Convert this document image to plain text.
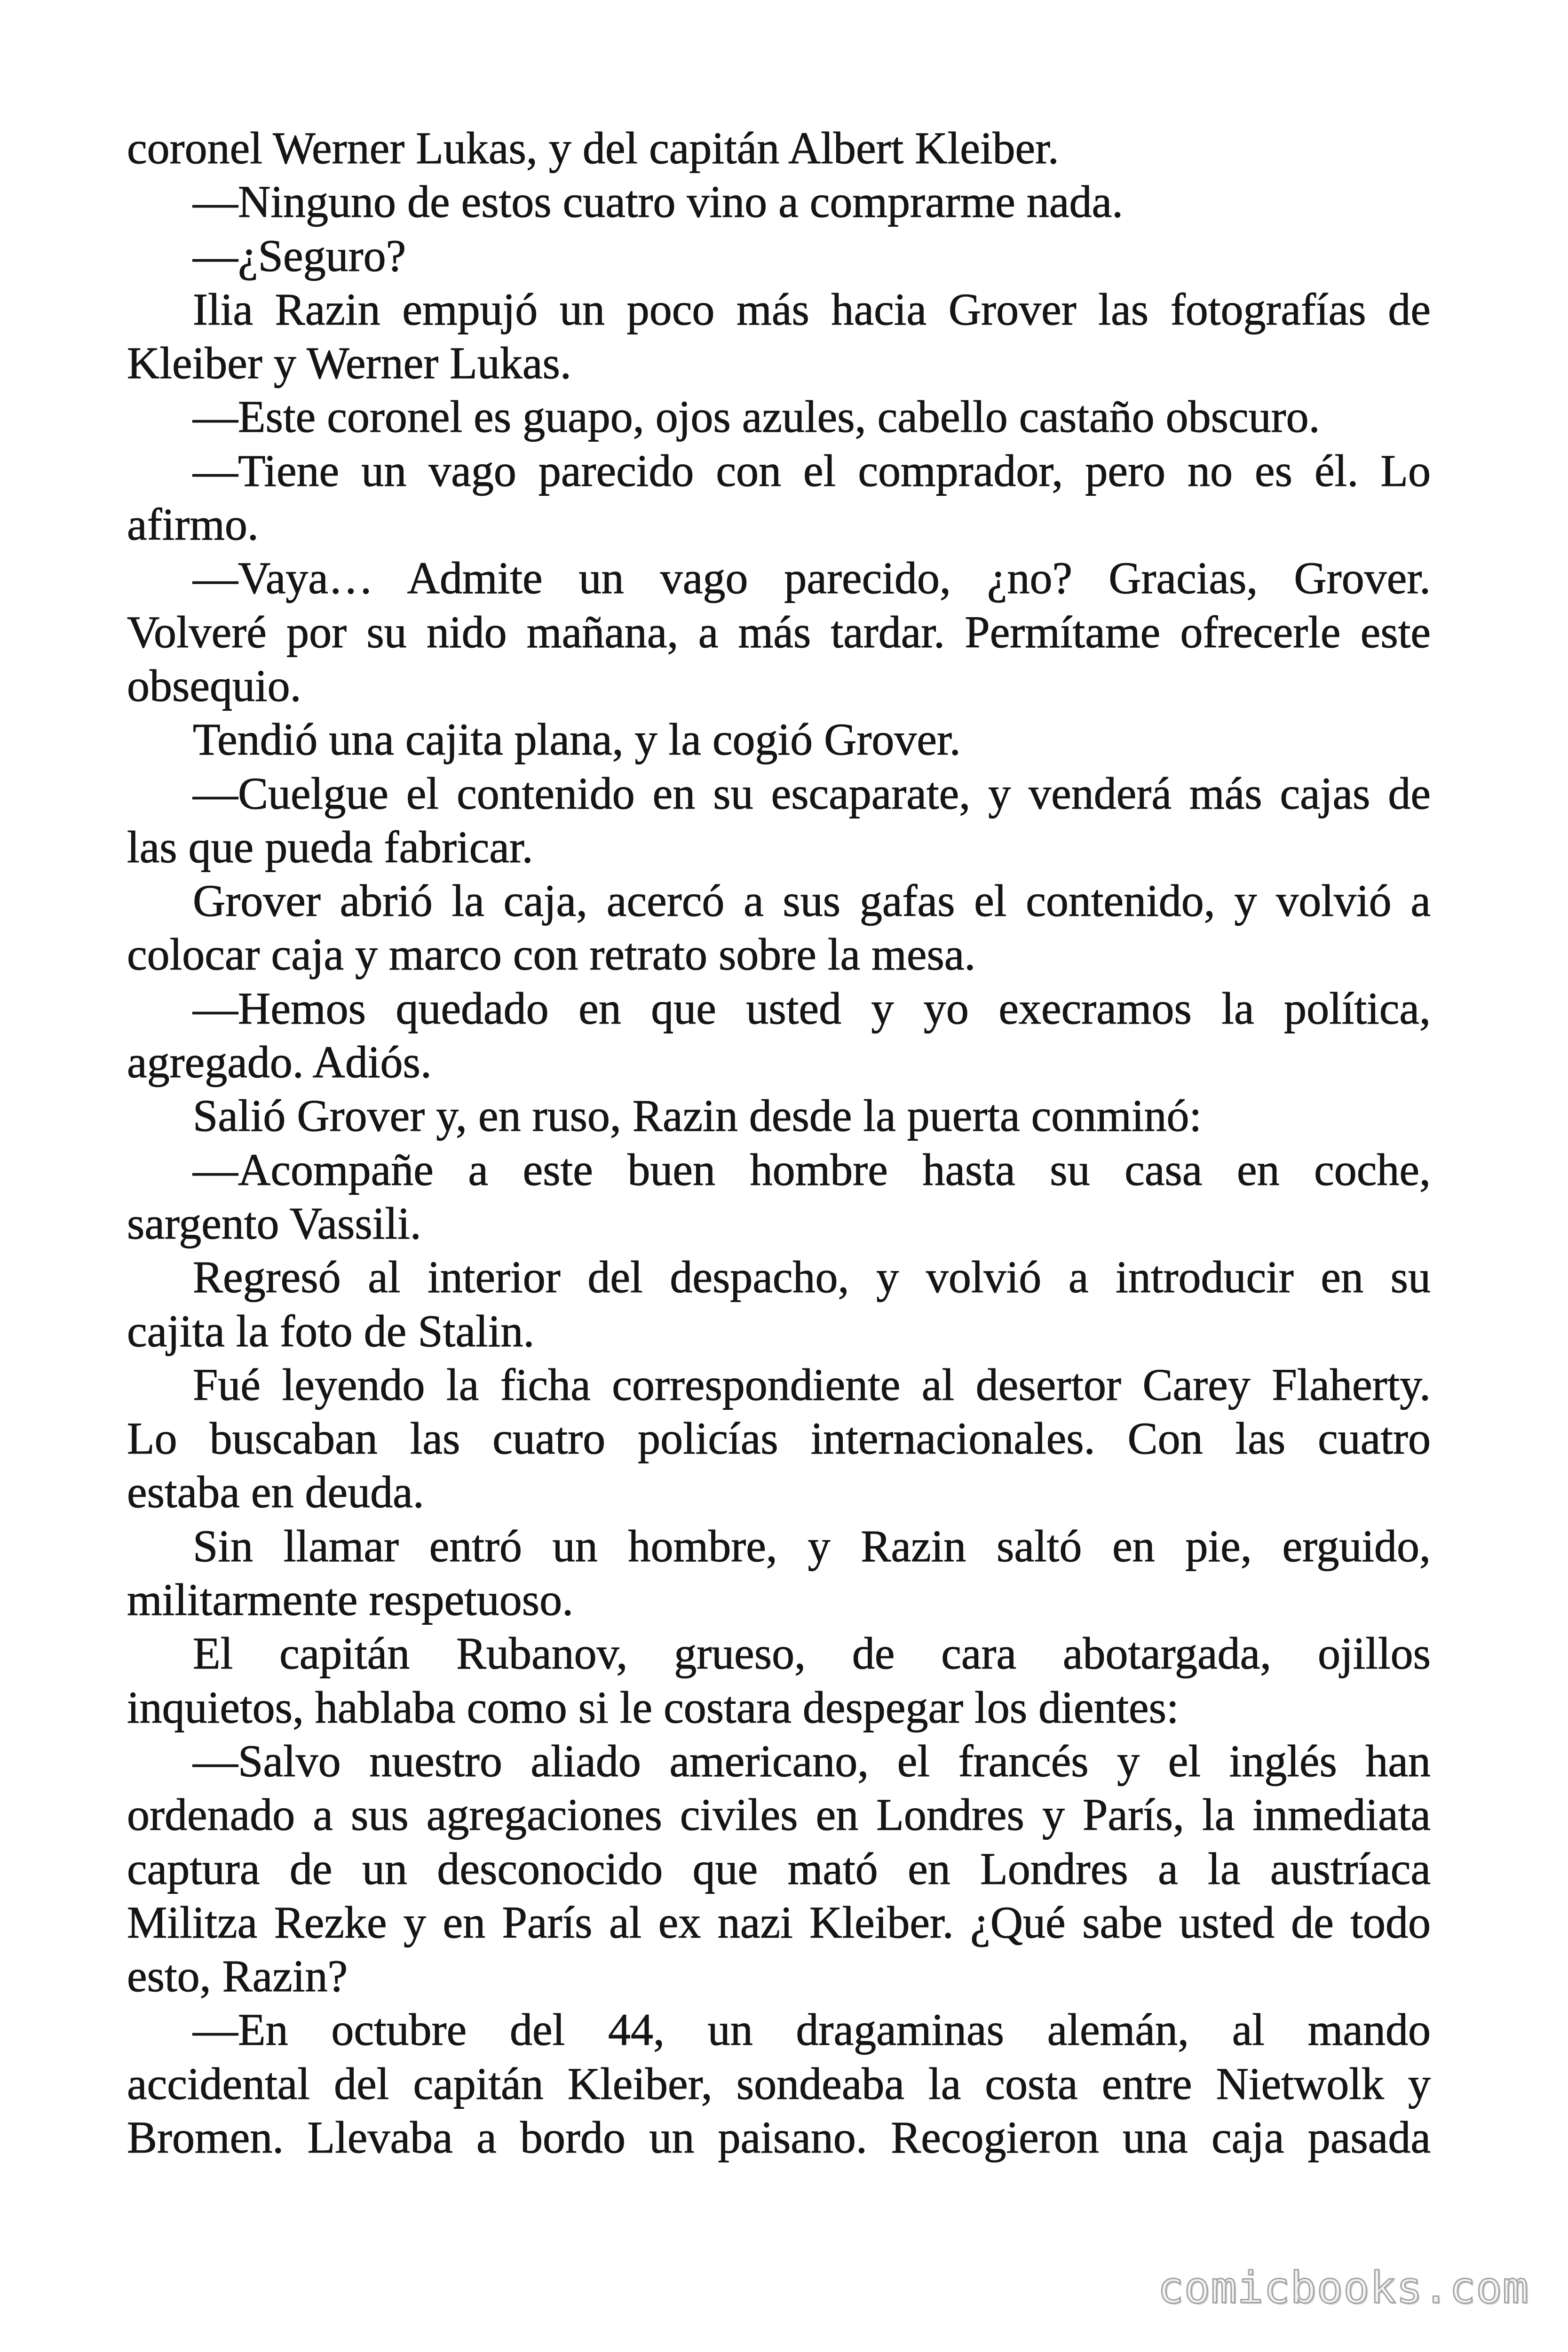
coronel Werner Lukas, y del capitán Albert Kleiber.
—Ninguno de estos cuatro vino a comprarme nada.
—¿Seguro?
Ilia Razin empujó un poco más hacia Grover las fotografías de
Kleiber y Werner Lukas.
—Este coronel es guapo, ojos azules, cabello castaño obscuro.
—Tiene un vago parecido con el comprador, pero no es él. Lo
afirmo.
—Vaya… Admite un vago parecido, ¿no? Gracias, Grover.
Volveré por su nido mañana, a más tardar. Permítame ofrecerle este
obsequio.
Tendió una cajita plana, y la cogió Grover.
—Cuelgue el contenido en su escaparate, y venderá más cajas de
las que pueda fabricar.
Grover abrió la caja, acercó a sus gafas el contenido, y volvió a
colocar caja y marco con retrato sobre la mesa.
—Hemos quedado en que usted y yo execramos la política,
agregado. Adiós.
Salió Grover y, en ruso, Razin desde la puerta conminó:
—Acompañe a este buen hombre hasta su casa en coche,
sargento Vassili.
Regresó al interior del despacho, y volvió a introducir en su
cajita la foto de Stalin.
Fué leyendo la ficha correspondiente al desertor Carey Flaherty.
Lo buscaban las cuatro policías internacionales. Con las cuatro
estaba en deuda.
Sin llamar entró un hombre, y Razin saltó en pie, erguido,
militarmente respetuoso.
El capitán Rubanov, grueso, de cara abotargada, ojillos
inquietos, hablaba como si le costara despegar los dientes:
—Salvo nuestro aliado americano, el francés y el inglés han
ordenado a sus agregaciones civiles en Londres y París, la inmediata
captura de un desconocido que mató en Londres a la austríaca
Militza Rezke y en París al ex nazi Kleiber. ¿Qué sabe usted de todo
esto, Razin?
—En octubre del 44, un dragaminas alemán, al mando
accidental del capitán Kleiber, sondeaba la costa entre Nietwolk y
Bromen. Llevaba a bordo un paisano. Recogieron una caja pasada
comicbooks.com
